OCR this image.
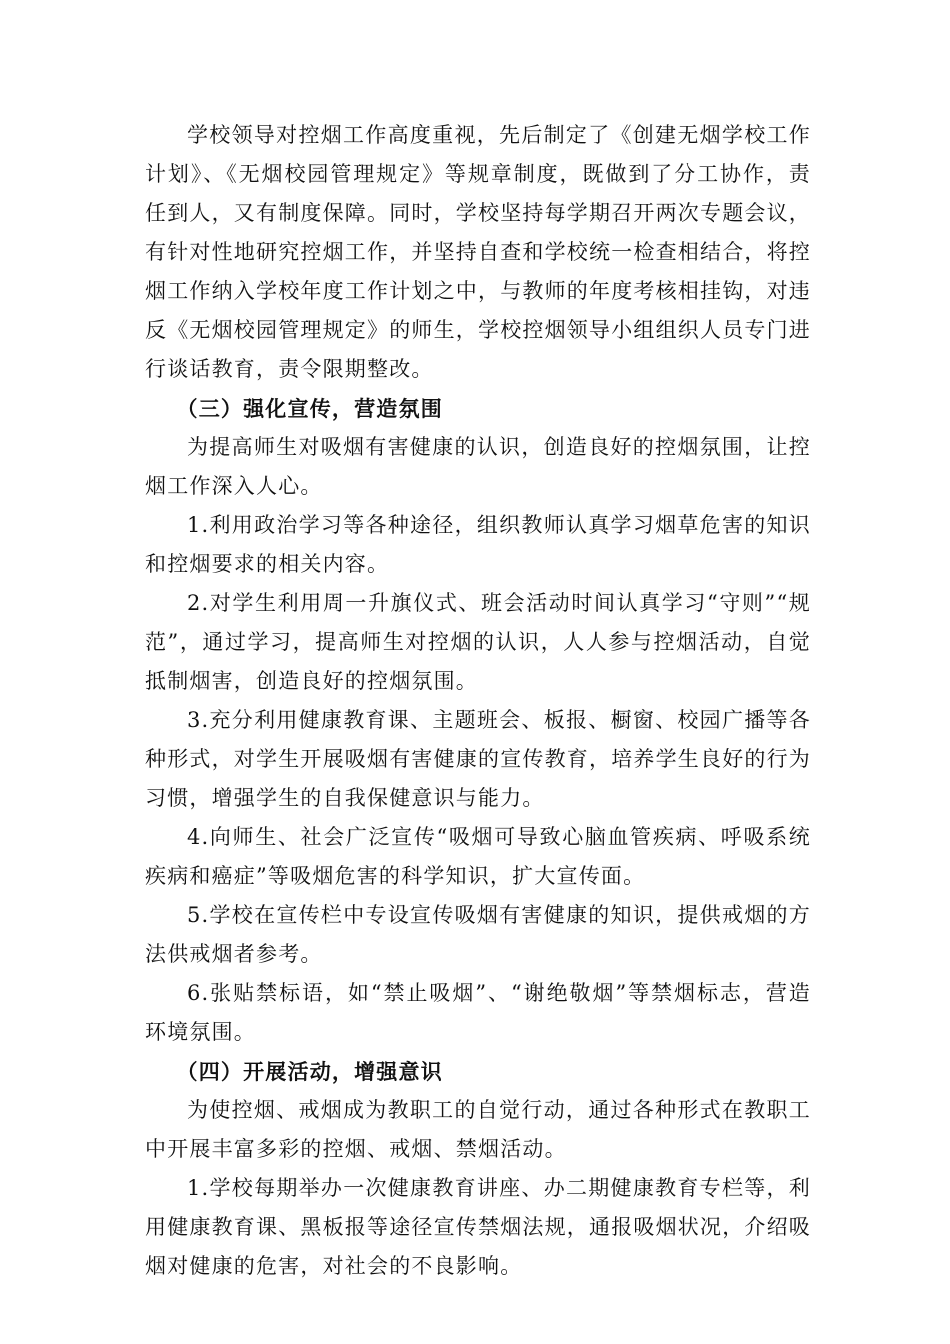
学校领导对控烟工作高度重视，先后制定了《创建无烟学校工作计划》、《无烟校园管理规定》等规章制度，既做到了分工协作，责任到人，又有制度保障。同时，学校坚持每学期召开两次专题会议，有针对性地研究控烟工作，并坚持自查和学校统一检查相结合，将控烟工作纳入学校年度工作计划之中，与教师的年度考核相挂钩，对违反《无烟校园管理规定》的师生，学校控烟领导小组组织人员专门进行谈话教育，责令限期整改。

（三）强化宣传，营造氛围

为提高师生对吸烟有害健康的认识，创造良好的控烟氛围，让控烟工作深入人心。

1.利用政治学习等各种途径，组织教师认真学习烟草危害的知识和控烟要求的相关内容。

2.对学生利用周一升旗仪式、班会活动时间认真学习“守则”“规范”，通过学习，提高师生对控烟的认识，人人参与控烟活动，自觉抵制烟害，创造良好的控烟氛围。

3.充分利用健康教育课、主题班会、板报、橱窗、校园广播等各种形式，对学生开展吸烟有害健康的宣传教育，培养学生良好的行为习惯，增强学生的自我保健意识与能力。

4.向师生、社会广泛宣传“吸烟可导致心脑血管疾病、呼吸系统疾病和癌症”等吸烟危害的科学知识，扩大宣传面。

5.学校在宣传栏中专设宣传吸烟有害健康的知识，提供戒烟的方法供戒烟者参考。

6.张贴禁标语，如“禁止吸烟”、“谢绝敬烟”等禁烟标志，营造环境氛围。

（四）开展活动，增强意识

为使控烟、戒烟成为教职工的自觉行动，通过各种形式在教职工中开展丰富多彩的控烟、戒烟、禁烟活动。

1.学校每期举办一次健康教育讲座、办二期健康教育专栏等，利用健康教育课、黑板报等途径宣传禁烟法规，通报吸烟状况，介绍吸烟对健康的危害，对社会的不良影响。
